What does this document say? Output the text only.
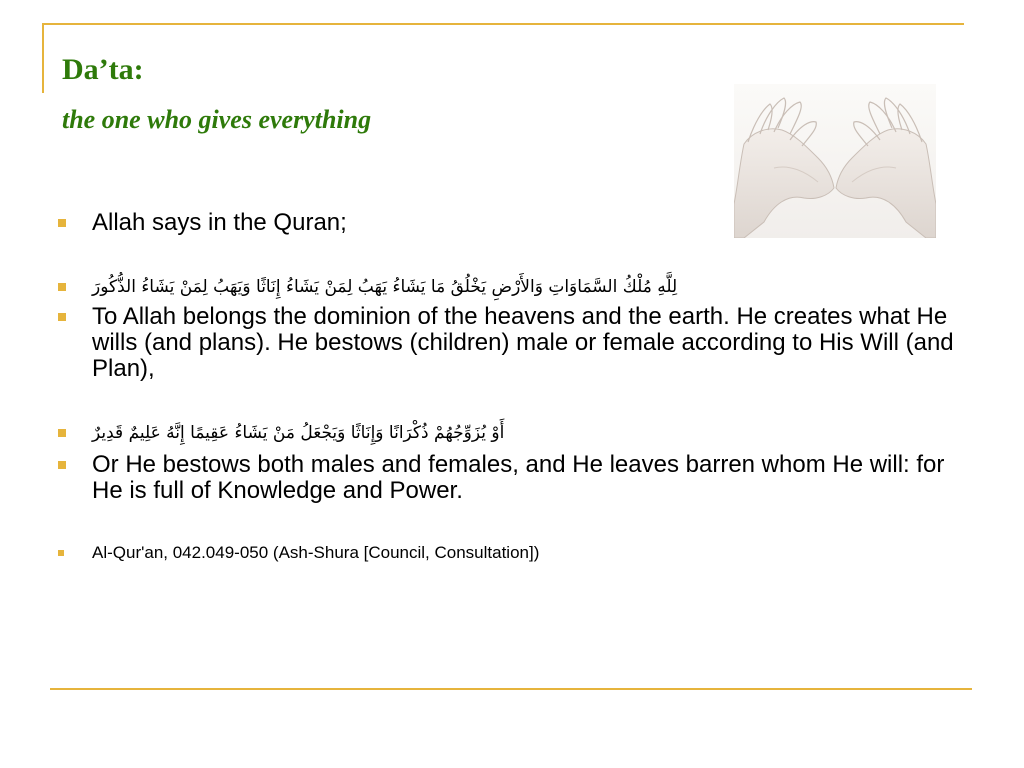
Da’ta:
the one who gives everything
Allah says in the Quran;
لِلَّهِ مُلْكُ السَّمَاوَاتِ وَالأَرْضِ يَخْلُقُ مَا يَشَاءُ يَهَبُ لِمَنْ يَشَاءُ إِنَاثًا وَيَهَبُ لِمَنْ يَشَاءُ الذُّكُورَ
To Allah belongs the dominion of the heavens and the earth. He creates what He wills (and plans). He bestows (children) male or female according to His Will (and Plan),
أَوْ يُزَوِّجُهُمْ ذُكْرَانًا وَإِنَاثًا وَيَجْعَلُ مَنْ يَشَاءُ عَقِيمًا إِنَّهُ عَلِيمٌ قَدِيرٌ
Or He bestows both males and females, and He leaves barren whom He will: for He is full of Knowledge and Power.
Al-Qur'an, 042.049-050 (Ash-Shura [Council, Consultation])
